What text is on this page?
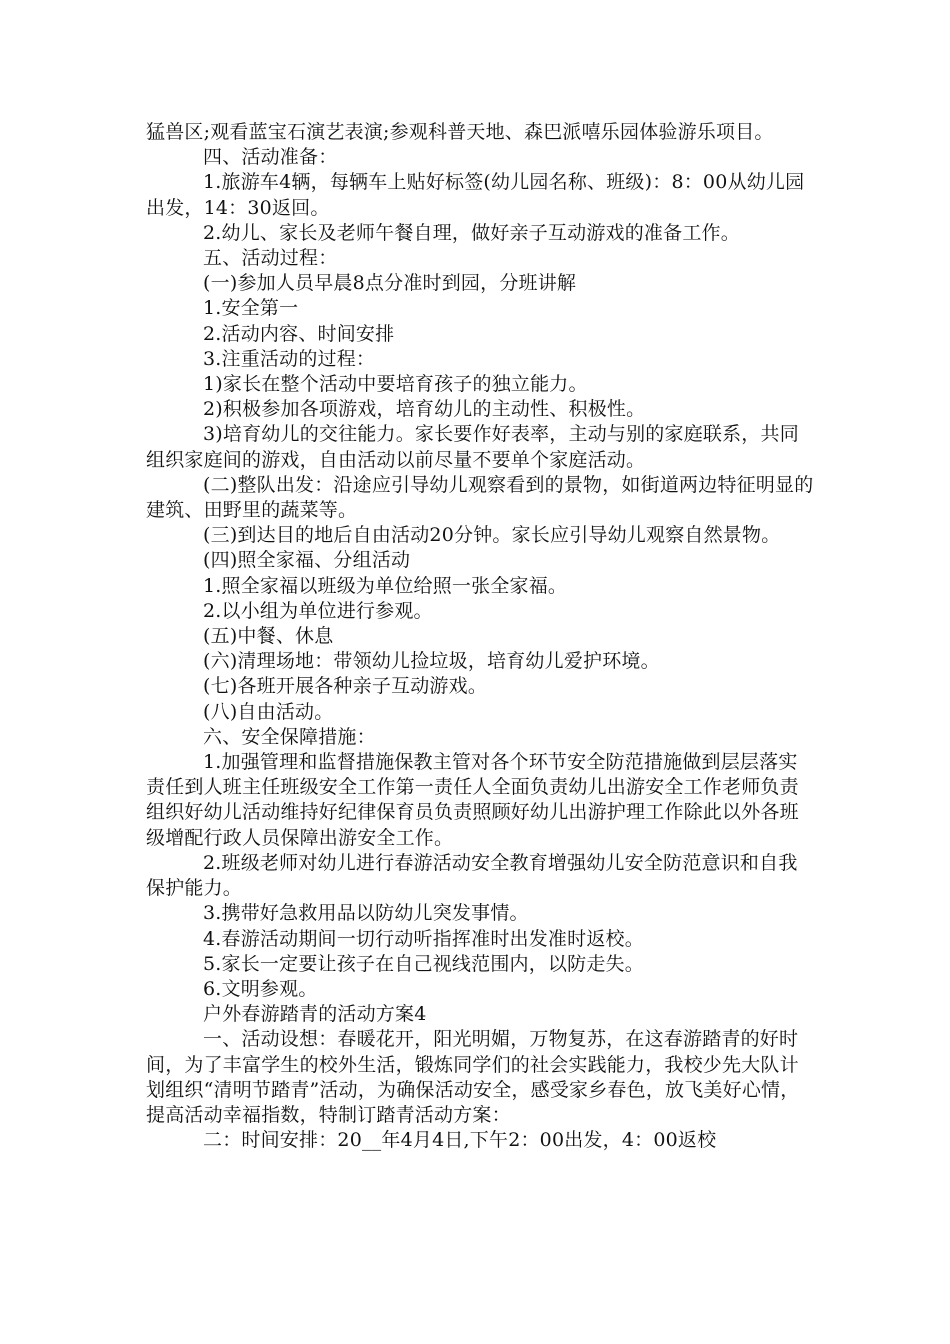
猛兽区;观看蓝宝石演艺表演;参观科普天地、森巴派嘻乐园体验游乐项目。

四、活动准备：

1.旅游车4辆，每辆车上贴好标签(幼儿园名称、班级)：8：00从幼儿园出发，14：30返回。

2.幼儿、家长及老师午餐自理，做好亲子互动游戏的准备工作。

五、活动过程：

(一)参加人员早晨8点分准时到园，分班讲解

1.安全第一

2.活动内容、时间安排

3.注重活动的过程：

1)家长在整个活动中要培育孩子的独立能力。

2)积极参加各项游戏，培育幼儿的主动性、积极性。

3)培育幼儿的交往能力。家长要作好表率，主动与别的家庭联系，共同组织家庭间的游戏，自由活动以前尽量不要单个家庭活动。

(二)整队出发：沿途应引导幼儿观察看到的景物，如街道两边特征明显的建筑、田野里的蔬菜等。

(三)到达目的地后自由活动20分钟。家长应引导幼儿观察自然景物。

(四)照全家福、分组活动

1.照全家福以班级为单位给照一张全家福。

2.以小组为单位进行参观。

(五)中餐、休息

(六)清理场地：带领幼儿捡垃圾，培育幼儿爱护环境。

(七)各班开展各种亲子互动游戏。

(八)自由活动。

六、安全保障措施：

1.加强管理和监督措施保教主管对各个环节安全防范措施做到层层落实责任到人班主任班级安全工作第一责任人全面负责幼儿出游安全工作老师负责组织好幼儿活动维持好纪律保育员负责照顾好幼儿出游护理工作除此以外各班级增配行政人员保障出游安全工作。

2.班级老师对幼儿进行春游活动安全教育增强幼儿安全防范意识和自我保护能力。

3.携带好急救用品以防幼儿突发事情。

4.春游活动期间一切行动听指挥准时出发准时返校。

5.家长一定要让孩子在自己视线范围内，以防走失。

6.文明参观。

户外春游踏青的活动方案4

一、活动设想：春暖花开，阳光明媚，万物复苏，在这春游踏青的好时间，为了丰富学生的校外生活，锻炼同学们的社会实践能力，我校少先大队计划组织“清明节踏青”活动，为确保活动安全，感受家乡春色，放飞美好心情，提高活动幸福指数，特制订踏青活动方案：

二：时间安排：20__年4月4日,下午2：00出发，4：00返校
